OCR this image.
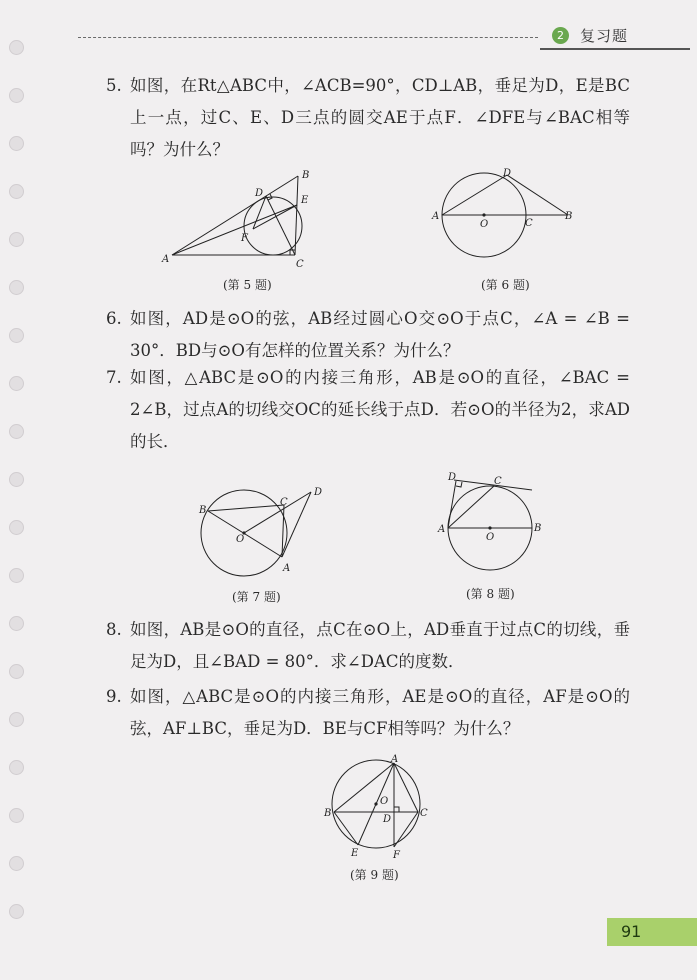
2	复习题
5. 如图，在Rt△ABC中，∠ACB=90°，CD⊥AB，垂足为D，E是BC上一点，过C、E、D三点的圆交AE于点F．∠DFE与∠BAC相等吗？为什么？
A
B
C
D
E
F
(第 5 题)
A	B
C
D
O
(第 6 题)
6. 如图，AD是⊙O的弦，AB经过圆心O交⊙O于点C，∠A = ∠B = 30°．BD与⊙O有怎样的位置关系？为什么？
7. 如图，△ABC是⊙O的内接三角形，AB是⊙O的直径，∠BAC = 2∠B，过点A的切线交OC的延长线于点D．若⊙O的半径为2，求AD的长．
B
C
D
A
O
(第 7 题)
D	C
A	B
O
(第 8 题)
8. 如图，AB是⊙O的直径，点C在⊙O上，AD垂直于过点C的切线，垂足为D，且∠BAD = 80°．求∠DAC的度数．
9. 如图，△ABC是⊙O的内接三角形，AE是⊙O的直径，AF是⊙O的弦，AF⊥BC，垂足为D．BE与CF相等吗？为什么？
A
B	C
D
O
E	F
(第 9 题)
91
